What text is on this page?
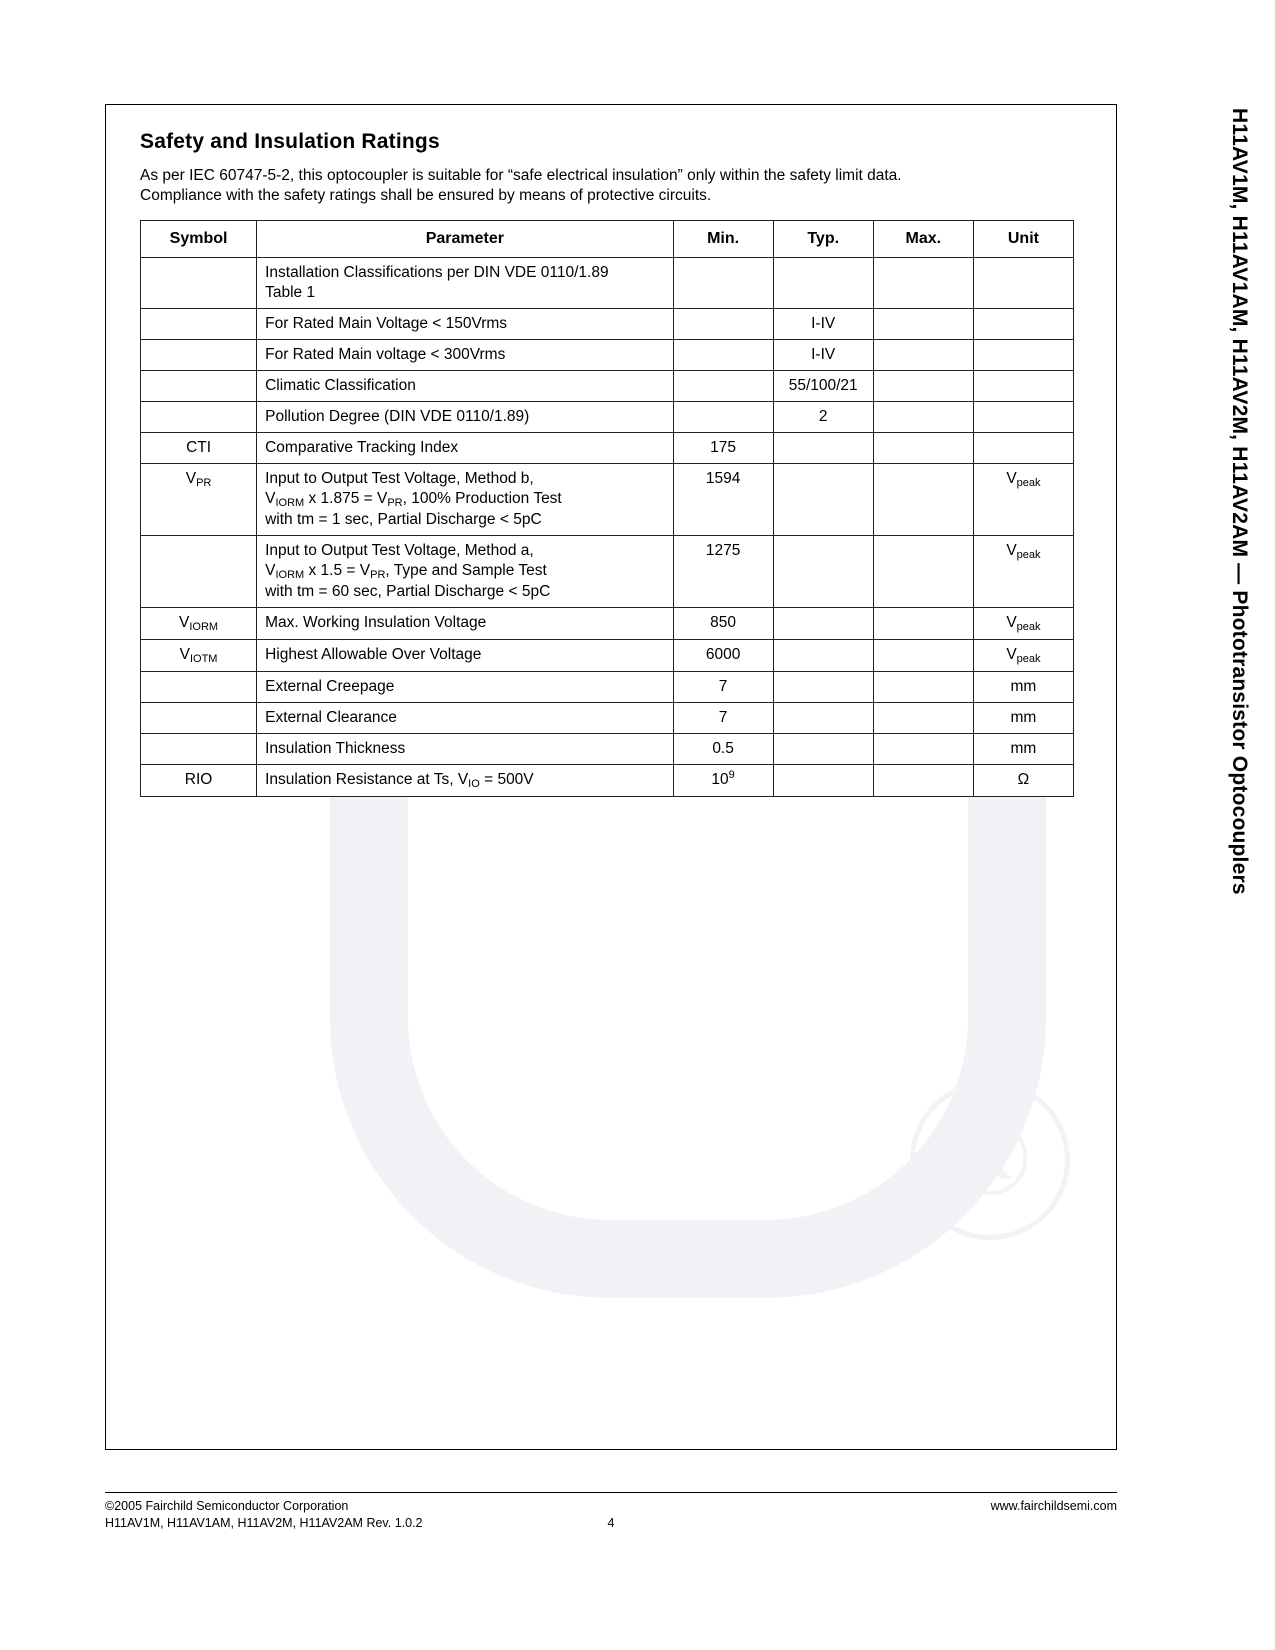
®
Safety and Insulation Ratings

As per IEC 60747-5-2, this optocoupler is suitable for “safe electrical insulation” only within the safety limit data.
Compliance with the safety ratings shall be ensured by means of protective circuits.

Symbol	Parameter	Min.	Typ.	Max.	Unit
	Installation Classifications per DIN VDE 0110/1.89
Table 1				
	For Rated Main Voltage < 150Vrms		I-IV		
	For Rated Main voltage < 300Vrms		I-IV		
	Climatic Classification		55/100/21		
	Pollution Degree (DIN VDE 0110/1.89)		2		
CTI	Comparative Tracking Index	175			
$V_{PR}$	Input to Output Test Voltage, Method b,
$V_{IORM}$ x $1.875 = V_{PR}$, 100% Production Test
with tm = 1 sec, Partial Discharge < 5pC	1594			$V_{peak}$
	Input to Output Test Voltage, Method a,
$V_{IORM}$ x $1.5 = V_{PR}$, Type and Sample Test
with tm = 60 sec, Partial Discharge < 5pC	1275			$V_{peak}$
$V_{IORM}$	Max. Working Insulation Voltage	850			$V_{peak}$
$V_{IOTM}$	Highest Allowable Over Voltage	6000			$V_{peak}$
	External Creepage	7			mm
	External Clearance	7			mm
	Insulation Thickness	0.5			mm
RIO	Insulation Resistance at Ts, $V_{IO} = 500V$	$10^9$			Ω	H11AV1M, H11AV1AM, H11AV2M, H11AV2AM — Phototransistor Optocouplers
©2005 Fairchild Semiconductor Corporation
H11AV1M, H11AV1AM, H11AV2M, H11AV2AM Rev. 1.0.2	4
www.fairchildsemi.com
